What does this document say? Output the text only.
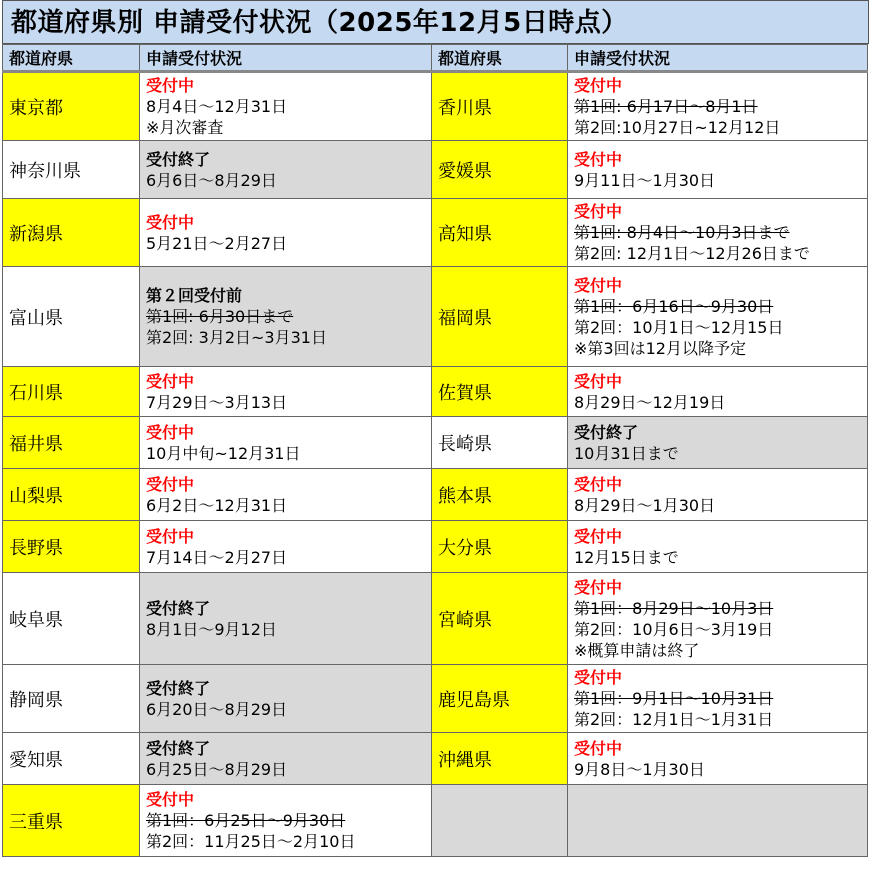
都道府県別 申請受付状況（2025年12月5日時点）
都道府県	申請受付状況	都道府県	申請受付状況
東京都	受付中
8月4日～12月31日
※月次審査	香川県	受付中
第1回: 6月17日～8月1日
第2回:10月27日~12月12日

神奈川県	受付終了
6月6日～8月29日	愛媛県	受付中
9月11日～1月30日

新潟県	受付中
5月21日～2月27日	高知県	受付中
第1回: 8月4日～10月3日まで
第2回: 12月1日～12月26日まで

富山県	第２回受付前
第1回: 6月30日まで
第2回: 3月2日~3月31日	福岡県	受付中
第1回：6月16日～9月30日
第2回：10月1日～12月15日
※第3回は12月以降予定

石川県	受付中
7月29日～3月13日	佐賀県	受付中
8月29日～12月19日

福井県	受付中
10月中旬~12月31日	長崎県	受付終了
10月31日まで

山梨県	受付中
6月2日～12月31日	熊本県	受付中
8月29日～1月30日

長野県	受付中
7月14日～2月27日	大分県	受付中
12月15日まで

岐阜県	受付終了
8月1日～9月12日	宮崎県	受付中
第1回：8月29日～10月3日
第2回：10月6日～3月19日
※概算申請は終了

静岡県	受付終了
6月20日～8月29日	鹿児島県	受付中
第1回：9月1日～10月31日
第2回：12月1日～1月31日

愛知県	受付終了
6月25日～8月29日	沖縄県	受付中
9月8日～1月30日

三重県	受付中
第1回：6月25日～9月30日
第2回：11月25日～2月10日		
